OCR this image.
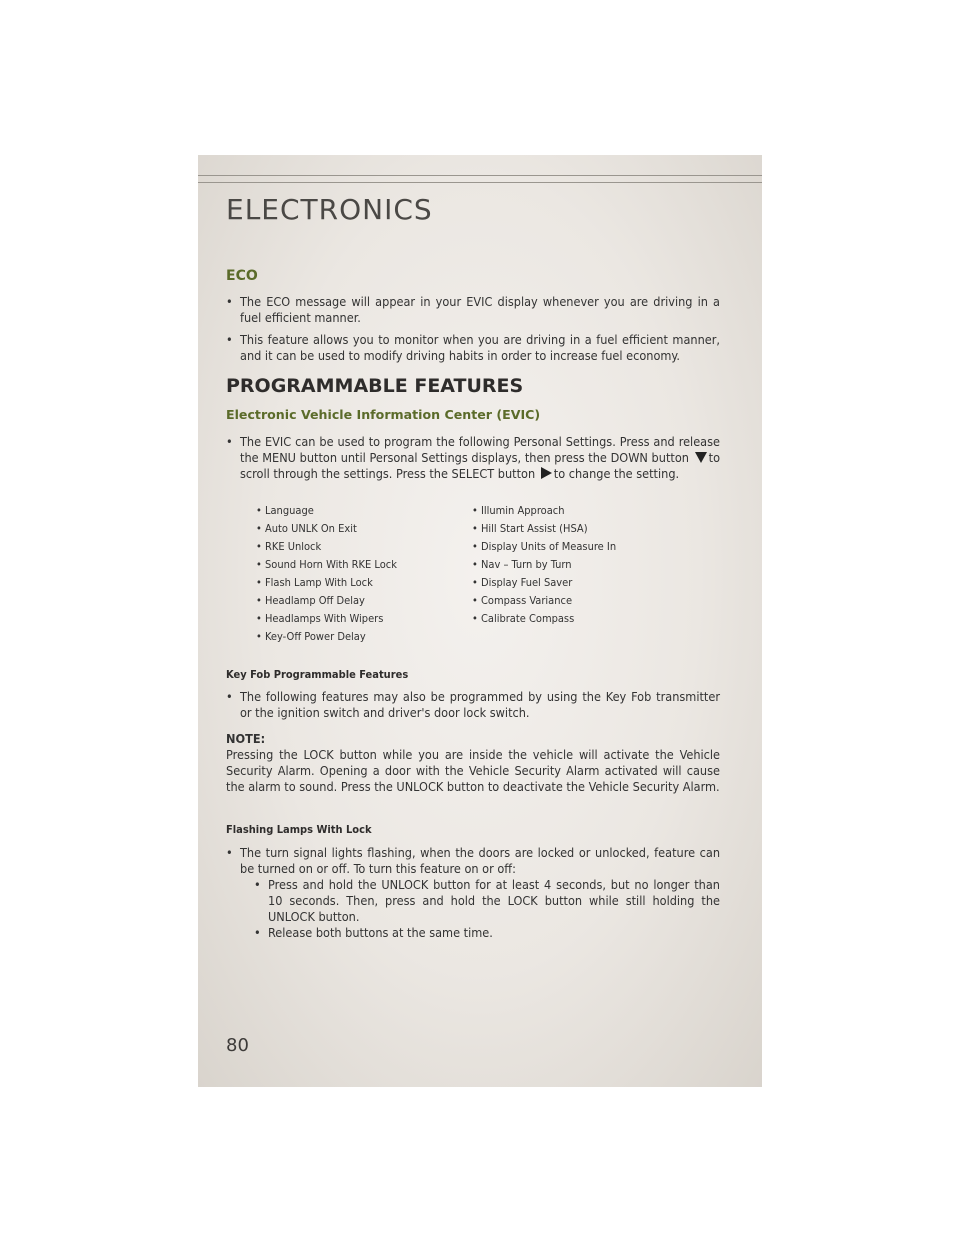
ELECTRONICS
ECO
• The ECO message will appear in your EVIC display whenever you are driving in a fuel efficient manner.
• This feature allows you to monitor when you are driving in a fuel efficient manner, and it can be used to modify driving habits in order to increase fuel economy.
PROGRAMMABLE FEATURES
Electronic Vehicle Information Center (EVIC)
• The EVIC can be used to program the following Personal Settings. Press and release the MENU button until Personal Settings displays, then press the DOWN button to scroll through the settings. Press the SELECT button to change the setting.
• Language
• Auto UNLK On Exit
• RKE Unlock
• Sound Horn With RKE Lock
• Flash Lamp With Lock
• Headlamp Off Delay
• Headlamps With Wipers
• Key-Off Power Delay
• Illumin Approach
• Hill Start Assist (HSA)
• Display Units of Measure In
• Nav – Turn by Turn
• Display Fuel Saver
• Compass Variance
• Calibrate Compass
Key Fob Programmable Features
• The following features may also be programmed by using the Key Fob transmitter or the ignition switch and driver's door lock switch.
NOTE:
Pressing the LOCK button while you are inside the vehicle will activate the Vehicle Security Alarm. Opening a door with the Vehicle Security Alarm activated will cause the alarm to sound. Press the UNLOCK button to deactivate the Vehicle Security Alarm.
Flashing Lamps With Lock
• The turn signal lights flashing, when the doors are locked or unlocked, feature can be turned on or off. To turn this feature on or off:
• Press and hold the UNLOCK button for at least 4 seconds, but no longer than 10 seconds. Then, press and hold the LOCK button while still holding the UNLOCK button.
• Release both buttons at the same time.
80
